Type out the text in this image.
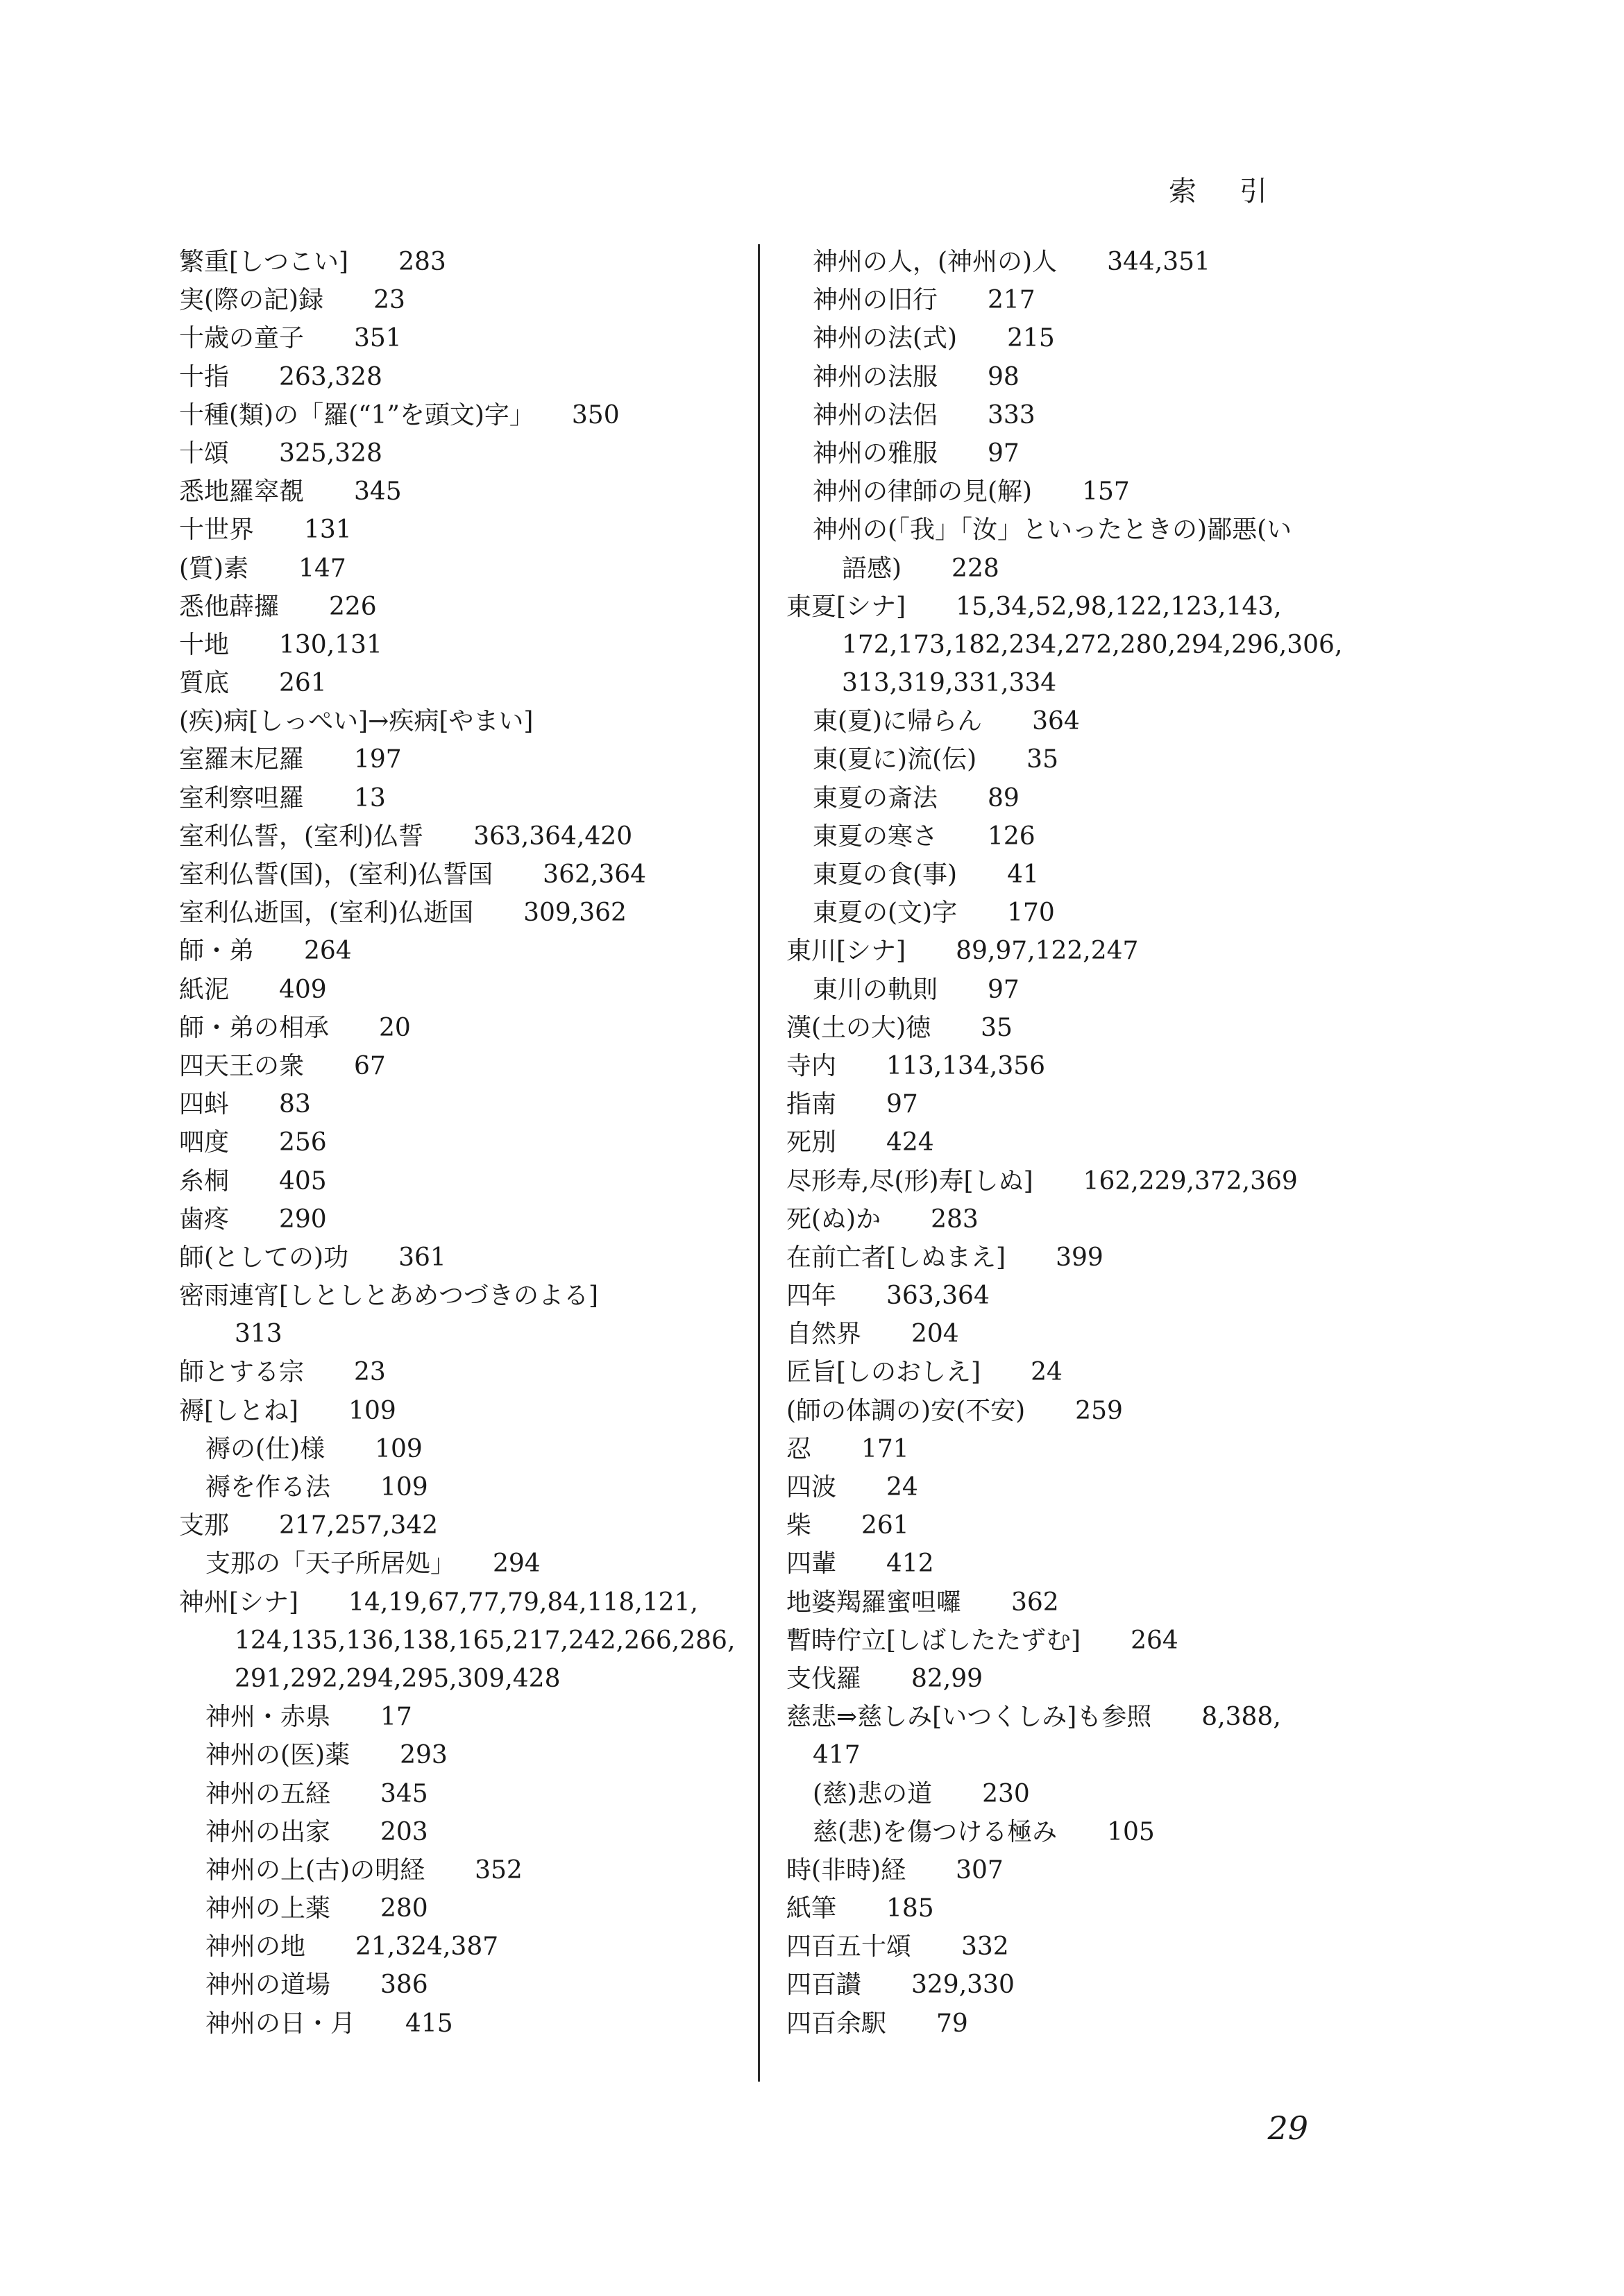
索引
繁重[しつこい]　　283
実(際の記)録　　23
十歳の童子　　351
十指　　263,328
十種(類)の「羅(“1”を頭文)字」　　350
十頌　　325,328
悉地羅窣覩　　345
十世界　　131
(質)素　　147
悉他薜攞　　226
十地　　130,131
質底　　261
(疾)病[しっぺい]→疾病[やまい]
室羅末尼羅　　197
室利察呾羅　　13
室利仏誓，(室利)仏誓　　363,364,420
室利仏誓(国)，(室利)仏誓国　　362,364
室利仏逝国，(室利)仏逝国　　309,362
師・弟　　264
紙泥　　409
師・弟の相承　　20
四天王の衆　　67
四蚪　　83
呬度　　256
糸桐　　405
歯疼　　290
師(としての)功　　361
密雨連宵[しとしとあめつづきのよる]
313
師とする宗　　23
褥[しとね]　　109
褥の(仕)様　　109
褥を作る法　　109
支那　　217,257,342
支那の「天子所居処」　　294
神州[シナ]　　14,19,67,77,79,84,118,121,
124,135,136,138,165,217,242,266,286,
291,292,294,295,309,428
神州・赤県　　17
神州の(医)薬　　293
神州の五経　　345
神州の出家　　203
神州の上(古)の明経　　352
神州の上薬　　280
神州の地　　21,324,387
神州の道場　　386
神州の日・月　　415
神州の人，(神州の)人　　344,351
神州の旧行　　217
神州の法(式)　　215
神州の法服　　98
神州の法侶　　333
神州の雅服　　97
神州の律師の見(解)　　157
神州の(「我」「汝」といったときの)鄙悪(い
語感)　　228
東夏[シナ]　　15,34,52,98,122,123,143,
172,173,182,234,272,280,294,296,306,
313,319,331,334
東(夏)に帰らん　　364
東(夏に)流(伝)　　35
東夏の斎法　　89
東夏の寒さ　　126
東夏の食(事)　　41
東夏の(文)字　　170
東川[シナ]　　89,97,122,247
東川の軌則　　97
漢(土の大)徳　　35
寺内　　113,134,356
指南　　97
死別　　424
尽形寿,尽(形)寿[しぬ]　　162,229,372,369
死(ぬ)か　　283
在前亡者[しぬまえ]　　399
四年　　363,364
自然界　　204
匠旨[しのおしえ]　　24
(師の体調の)安(不安)　　259
忍　　171
四波　　24
柴　　261
四輩　　412
地婆羯羅蜜呾囉　　362
暫時佇立[しばしたたずむ]　　264
支伐羅　　82,99
慈悲⇒慈しみ[いつくしみ]も参照　　8,388,
417
(慈)悲の道　　230
慈(悲)を傷つける極み　　105
時(非時)経　　307
紙筆　　185
四百五十頌　　332
四百讃　　329,330
四百余駅　　79
29
